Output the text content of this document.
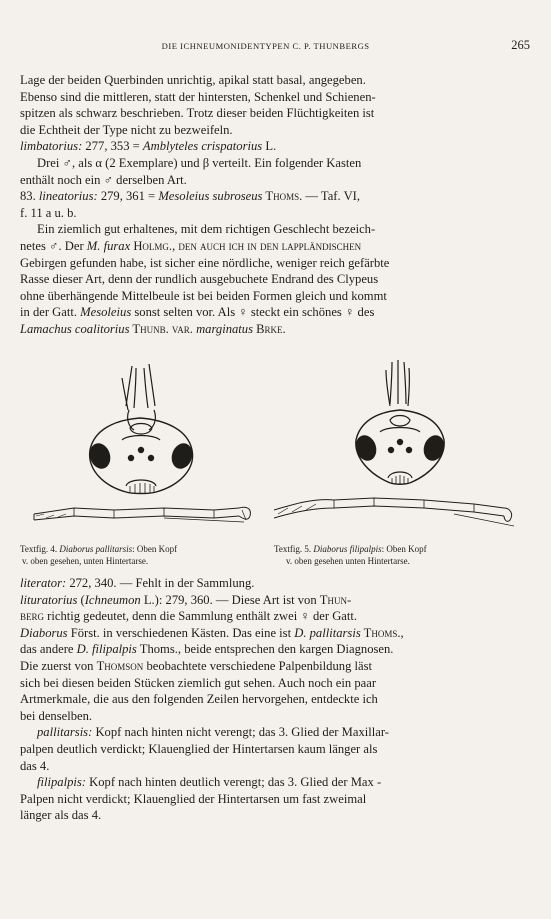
DIE ICHNEUMONIDENTYPEN C. P. THUNBERGS	265

Lage der beiden Querbinden unrichtig, apikal statt basal, angegeben.
Ebenso sind die mittleren, statt der hintersten, Schenkel und Schienen-
spitzen als schwarz beschrieben. Trotz dieser beiden Flüchtigkeiten ist
die Echtheit der Type nicht zu bezweifeln.

limbatorius: 277, 353 = Amblyteles crispatorius L.

Drei ♂, als α (2 Exemplare) und β verteilt. Ein folgender Kasten
enthält noch ein ♂ derselben Art.

83. lineatorius: 279, 361 = Mesoleius subroseus Thoms. — Taf. VI,
f. 11 a u. b.

Ein ziemlich gut erhaltenes, mit dem richtigen Geschlecht bezeich-
netes ♂. Der M. furax Holmg., den auch ich in den lappländischen
Gebirgen gefunden habe, ist sicher eine nördliche, weniger reich gefärbte
Rasse dieser Art, denn der rundlich ausgebuchete Endrand des Clypeus
ohne überhängende Mittelbeule ist bei beiden Formen gleich und kommt
in der Gatt. Mesoleius sonst selten vor. Als ♀ steckt ein schönes ♀ des
Lamachus coalitorius Thunb. var. marginatus Brke.

Textfig. 4. Diaborus pallitarsis: Oben Kopf
v. oben gesehen, unten Hintertarse.
Textfig. 5. Diaborus filipalpis: Oben Kopf
v. oben gesehen unten Hintertarse.

literator: 272, 340. — Fehlt in der Sammlung.

lituratorius (Ichneumon L.): 279, 360. — Diese Art ist von Thun-
berg richtig gedeutet, denn die Sammlung enthält zwei ♀ der Gatt.
Diaborus Först. in verschiedenen Kästen. Das eine ist D. pallitarsis Thoms.,
das andere D. filipalpis Thoms., beide entsprechen den kargen Diagnosen.
Die zuerst von Thomson beobachtete verschiedene Palpenbildung läst
sich bei diesen beiden Stücken ziemlich gut sehen. Auch noch ein paar
Artmerkmale, die aus den folgenden Zeilen hervorgehen, entdeckte ich
bei denselben.

pallitarsis: Kopf nach hinten nicht verengt; das 3. Glied der Maxillar-
palpen deutlich verdickt; Klauenglied der Hintertarsen kaum länger als
das 4.

filipalpis: Kopf nach hinten deutlich verengt; das 3. Glied der Max -
Palpen nicht verdickt; Klauenglied der Hintertarsen um fast zweimal
länger als das 4.
